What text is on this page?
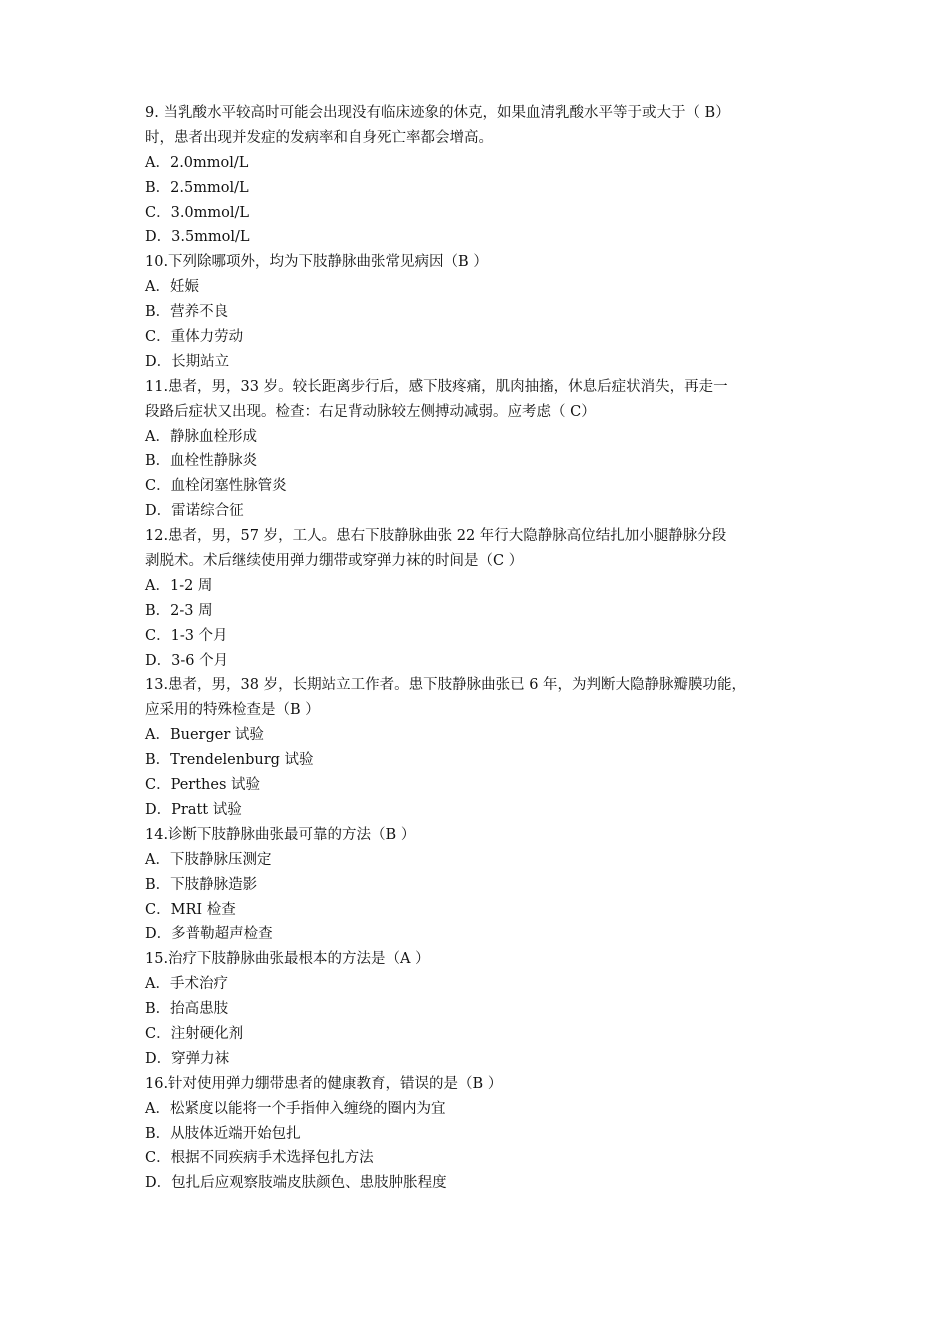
9. 当乳酸水平较高时可能会出现没有临床迹象的休克，如果血清乳酸水平等于或大于（ B）
时，患者出现并发症的发病率和自身死亡率都会增高。
A．2.0mmol/L
B．2.5mmol/L
C．3.0mmol/L
D．3.5mmol/L
10.下列除哪项外，均为下肢静脉曲张常见病因（B ）
A．妊娠
B．营养不良
C．重体力劳动
D．长期站立
11.患者，男，33 岁。较长距离步行后，感下肢疼痛，肌肉抽搐，休息后症状消失，再走一
段路后症状又出现。检查：右足背动脉较左侧搏动减弱。应考虑（ C）
A．静脉血栓形成
B．血栓性静脉炎
C．血栓闭塞性脉管炎
D．雷诺综合征
12.患者，男，57 岁，工人。患右下肢静脉曲张 22 年行大隐静脉高位结扎加小腿静脉分段
剥脱术。术后继续使用弹力绷带或穿弹力袜的时间是（C ）
A．1-2 周
B．2-3 周
C．1-3 个月
D．3-6 个月
13.患者，男，38 岁，长期站立工作者。患下肢静脉曲张已 6 年，为判断大隐静脉瓣膜功能，
应采用的特殊检查是（B ）
A．Buerger 试验
B．Trendelenburg 试验
C．Perthes 试验
D．Pratt 试验
14.诊断下肢静脉曲张最可靠的方法（B ）
A．下肢静脉压测定
B．下肢静脉造影
C．MRI 检查
D．多普勒超声检查
15.治疗下肢静脉曲张最根本的方法是（A ）
A．手术治疗
B．抬高患肢
C．注射硬化剂
D．穿弹力袜
16.针对使用弹力绷带患者的健康教育，错误的是（B ）
A．松紧度以能将一个手指伸入缠绕的圈内为宜
B．从肢体近端开始包扎
C．根据不同疾病手术选择包扎方法
D．包扎后应观察肢端皮肤颜色、患肢肿胀程度
